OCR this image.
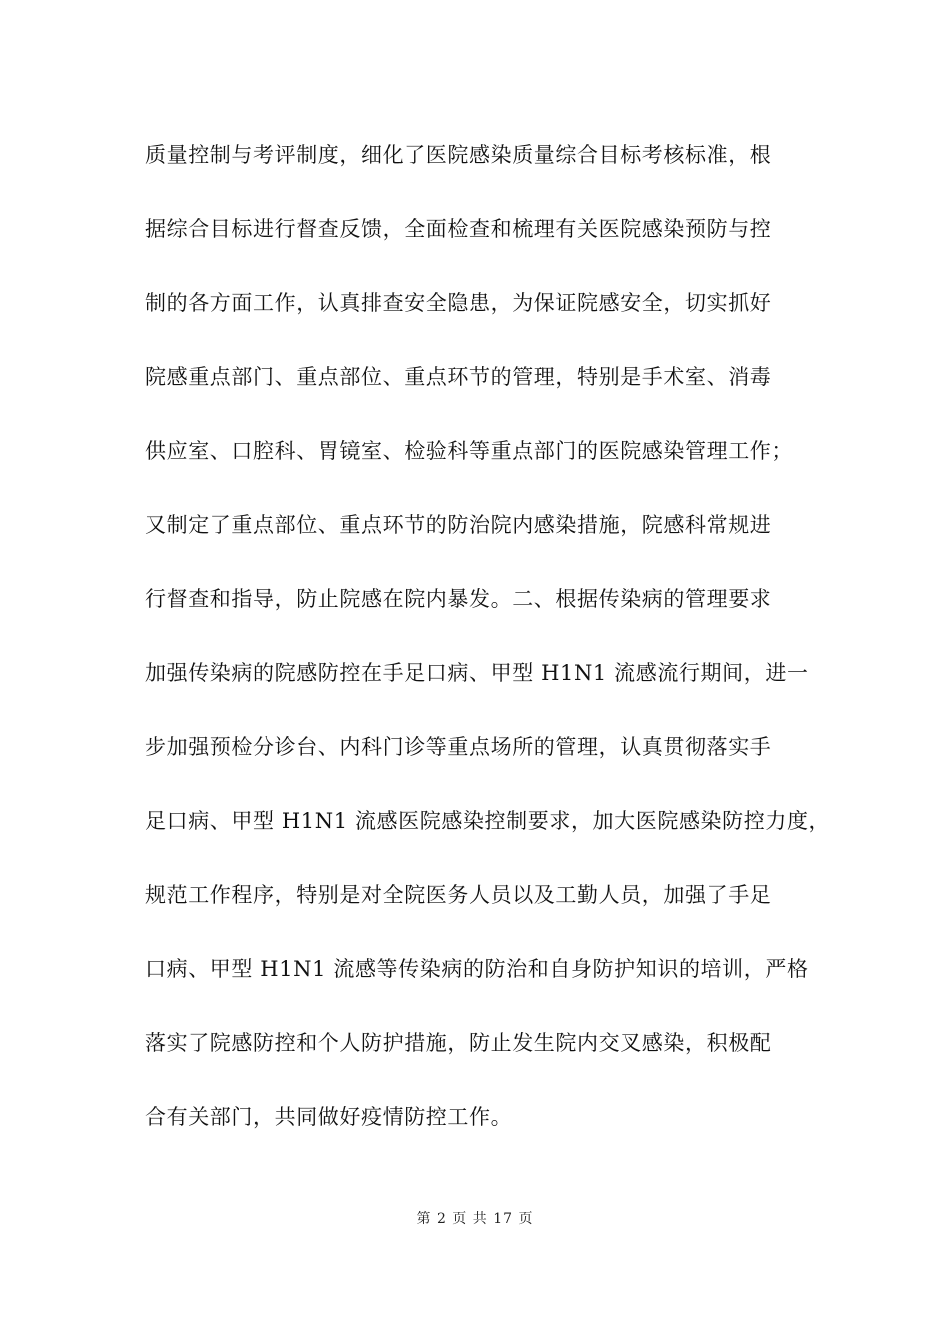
质量控制与考评制度，细化了医院感染质量综合目标考核标准，根
据综合目标进行督查反馈，全面检查和梳理有关医院感染预防与控
制的各方面工作，认真排查安全隐患，为保证院感安全，切实抓好
院感重点部门、重点部位、重点环节的管理，特别是手术室、消毒
供应室、口腔科、胃镜室、检验科等重点部门的医院感染管理工作；
又制定了重点部位、重点环节的防治院内感染措施，院感科常规进
行督查和指导，防止院感在院内暴发。二、根据传染病的管理要求
加强传染病的院感防控在手足口病、甲型 H1N1 流感流行期间，进一
步加强预检分诊台、内科门诊等重点场所的管理，认真贯彻落实手
足口病、甲型 H1N1 流感医院感染控制要求，加大医院感染防控力度，
规范工作程序，特别是对全院医务人员以及工勤人员，加强了手足
口病、甲型 H1N1 流感等传染病的防治和自身防护知识的培训，严格
落实了院感防控和个人防护措施，防止发生院内交叉感染，积极配
合有关部门，共同做好疫情防控工作。
第 2 页 共 17 页
